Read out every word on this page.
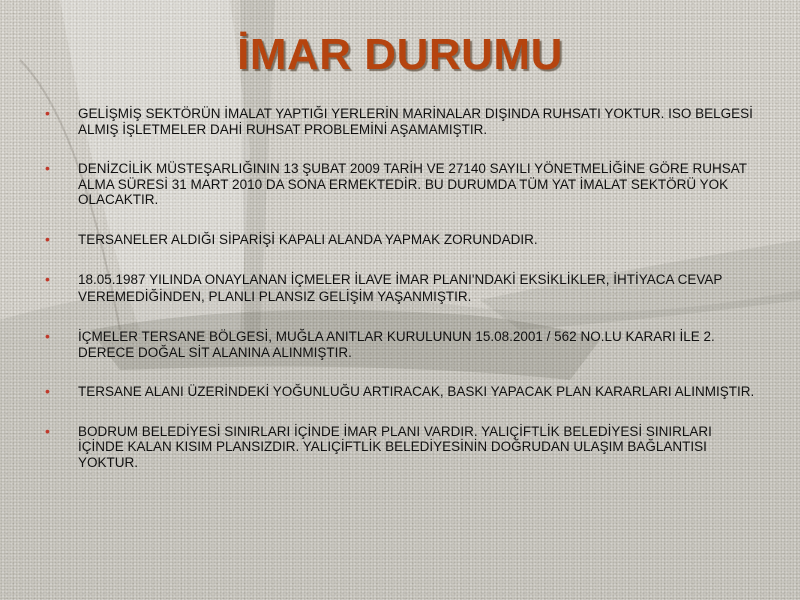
İMAR DURUMU
• GELİŞMİŞ SEKTÖRÜN İMALAT YAPTIĞI YERLERİN MARİNALAR DIŞINDA RUHSATI YOKTUR. ISO BELGESİ ALMIŞ İŞLETMELER DAHİ RUHSAT PROBLEMİNİ AŞAMAMIŞTIR.
• DENİZCİLİK MÜSTEŞARLIĞININ 13 ŞUBAT 2009 TARİH VE 27140 SAYILI YÖNETMELİĞİNE GÖRE RUHSAT ALMA SÜRESİ 31 MART 2010 DA SONA ERMEKTEDİR. BU DURUMDA TÜM YAT İMALAT SEKTÖRÜ YOK OLACAKTIR.
• TERSANELER ALDIĞI SİPARİŞİ KAPALI ALANDA YAPMAK ZORUNDADIR.
• 18.05.1987 YILINDA ONAYLANAN İÇMELER İLAVE İMAR PLANI'NDAKİ EKSİKLİKLER, İHTİYACA CEVAP VEREMEDİĞİNDEN, PLANLI PLANSIZ GELİŞİM YAŞANMIŞTIR.
• İÇMELER TERSANE BÖLGESİ, MUĞLA ANITLAR KURULUNUN 15.08.2001 / 562 NO.LU KARARI İLE 2. DERECE DOĞAL SİT ALANINA ALINMIŞTIR.
• TERSANE ALANI ÜZERİNDEKİ YOĞUNLUĞU ARTIRACAK, BASKI YAPACAK PLAN KARARLARI ALINMIŞTIR.
• BODRUM BELEDİYESİ SINIRLARI İÇİNDE İMAR PLANI VARDIR. YALIÇİFTLİK BELEDİYESİ SINIRLARI İÇİNDE KALAN KISIM PLANSIZDIR. YALIÇİFTLİK BELEDİYESİNİN DOĞRUDAN ULAŞIM BAĞLANTISI YOKTUR.
